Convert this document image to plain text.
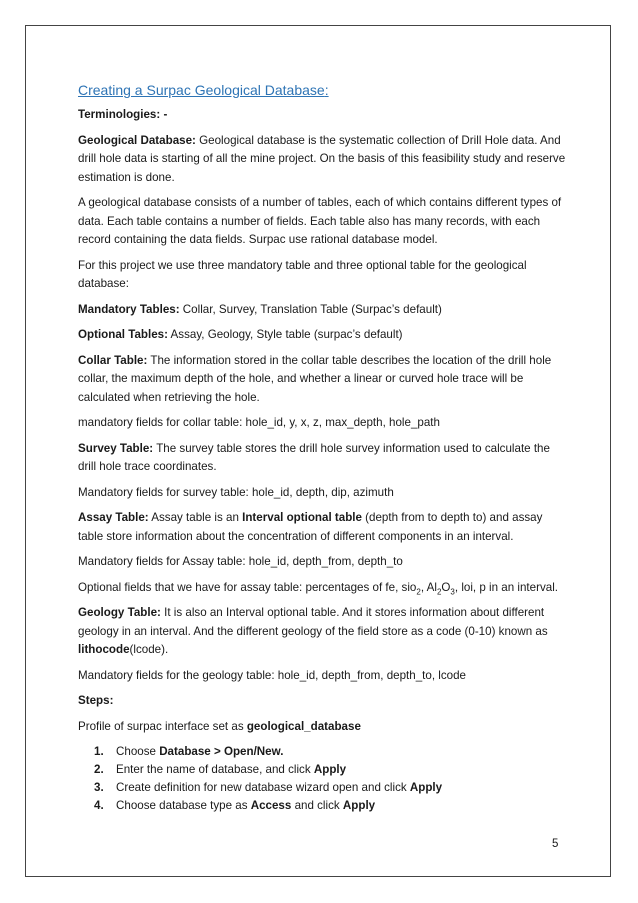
Creating a Surpac Geological Database:

Terminologies: -

Geological Database: Geological database is the systematic collection of Drill Hole data. And drill hole data is starting of all the mine project. On the basis of this feasibility study and reserve estimation is done.

A geological database consists of a number of tables, each of which contains different types of data. Each table contains a number of fields. Each table also has many records, with each record containing the data fields. Surpac use rational database model.

For this project we use three mandatory table and three optional table for the geological database:

Mandatory Tables: Collar, Survey, Translation Table (Surpac’s default)

Optional Tables: Assay, Geology, Style table (surpac’s default)

Collar Table: The information stored in the collar table describes the location of the drill hole collar, the maximum depth of the hole, and whether a linear or curved hole trace will be calculated when retrieving the hole.

mandatory fields for collar table: hole_id, y, x, z, max_depth, hole_path

Survey Table: The survey table stores the drill hole survey information used to calculate the drill hole trace coordinates.

Mandatory fields for survey table: hole_id, depth, dip, azimuth

Assay Table: Assay table is an Interval optional table (depth from to depth to) and assay table store information about the concentration of different components in an interval.

Mandatory fields for Assay table: hole_id, depth_from, depth_to

Optional fields that we have for assay table: percentages of fe, sio$_2$, $Al_2O_3$, loi, p in an interval.

Geology Table: It is also an Interval optional table. And it stores information about different geology in an interval. And the different geology of the field store as a code (0-10) known as lithocode(lcode).

Mandatory fields for the geology table: hole_id, depth_from, depth_to, lcode

Steps:

Profile of surpac interface set as geological_database

1. Choose Database > Open/New.
2. Enter the name of database, and click Apply
3. Create definition for new database wizard open and click Apply
4. Choose database type as Access and click Apply
5
